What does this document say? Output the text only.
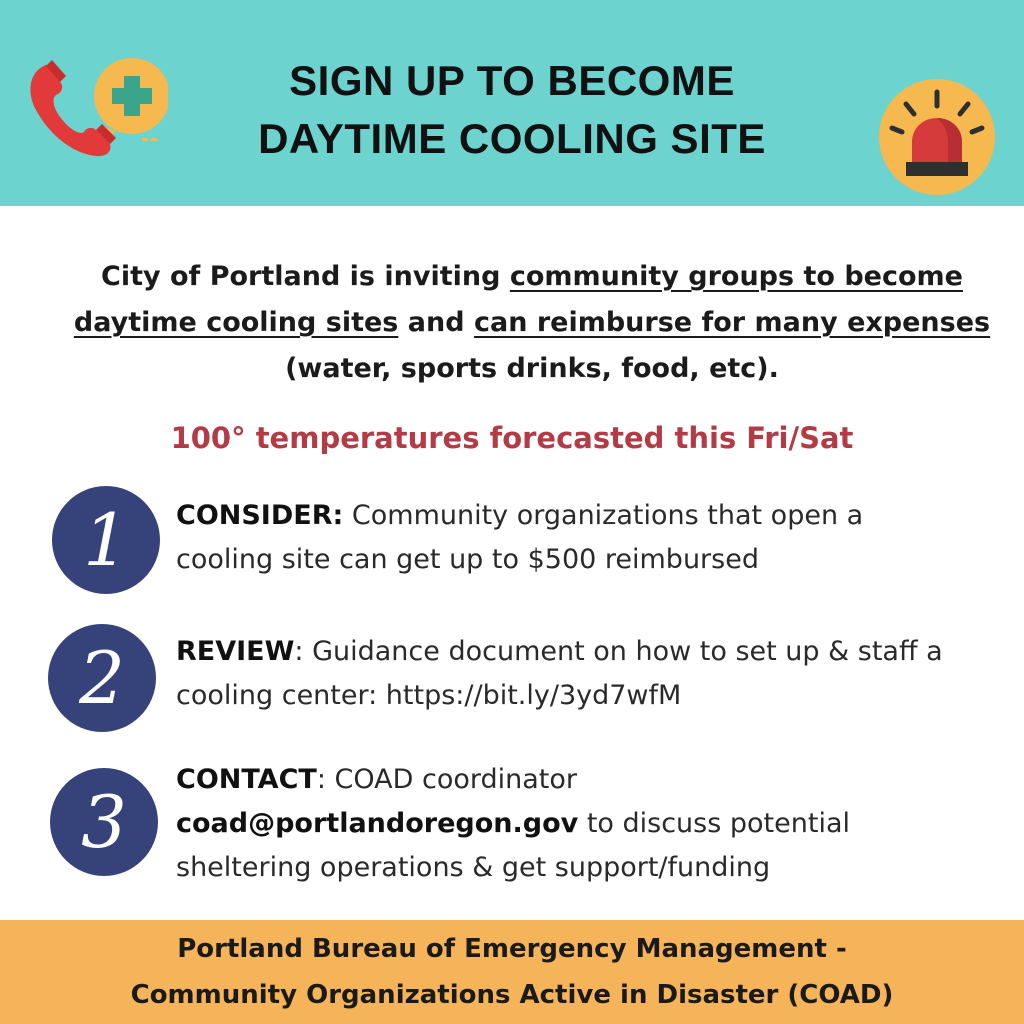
SIGN UP TO BECOME
DAYTIME COOLING SITE
City of Portland is inviting community groups to become daytime cooling sites and can reimburse for many expenses (water, sports drinks, food, etc).
100° temperatures forecasted this Fri/Sat
1	CONSIDER: Community organizations that open a cooling site can get up to $500 reimbursed
2	REVIEW: Guidance document on how to set up & staff a cooling center: https://bit.ly/3yd7wfM
3
CONTACT: COAD coordinator coad@portlandoregon.gov to discuss potential sheltering operations & get support/funding
Portland Bureau of Emergency Management -
Community Organizations Active in Disaster (COAD)
